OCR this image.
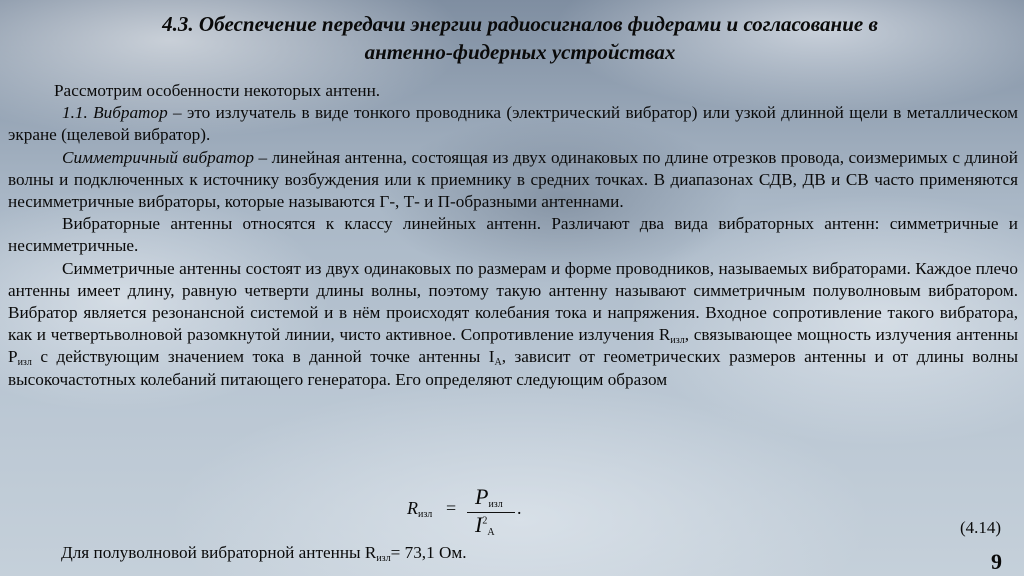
4.3. Обеспечение передачи энергии радиосигналов фидерами и согласование в антенно-фидерных устройствах

Рассмотрим особенности некоторых антенн.

1.1. Вибратор – это излучатель в виде тонкого проводника (электрический вибратор) или узкой длинной щели в металлическом экране (щелевой вибратор).

Симметричный вибратор – линейная антенна, состоящая из двух одинаковых по длине отрезков провода, соизмеримых с длиной волны и подключенных к источнику возбуждения или к приемнику в средних точках. В диапазонах СДВ, ДВ и СВ часто применяются несимметричные вибраторы, которые называются Г-, Т- и П-образными антеннами.

Вибраторные антенны относятся к классу линейных антенн. Различают два вида вибраторных антенн: симметричные и несимметричные.

Симметричные антенны состоят из двух одинаковых по размерам и форме проводников, называемых вибраторами. Каждое плечо антенны имеет длину, равную четверти длины волны, поэтому такую антенну называют симметричным полуволновым вибратором. Вибратор является резонансной системой и в нём происходят колебания тока и напряжения. Входное сопротивление такого вибратора, как и четвертьволновой разомкнутой линии, чисто активное. Сопротивление излучения $R_{изл}$, связывающее мощность излучения антенны $P_{изл}$ с действующим значением тока в данной точке антенны $I_A$, зависит от геометрических размеров антенны и от длины волны высокочастотных колебаний питающего генератора. Его определяют следующим образом

$R_{изл} = P_{изл}$
$I^2_A$
.
(4.14)
Для полуволновой вибраторной антенны $R_{изл}= 73,1$ Ом.	9
